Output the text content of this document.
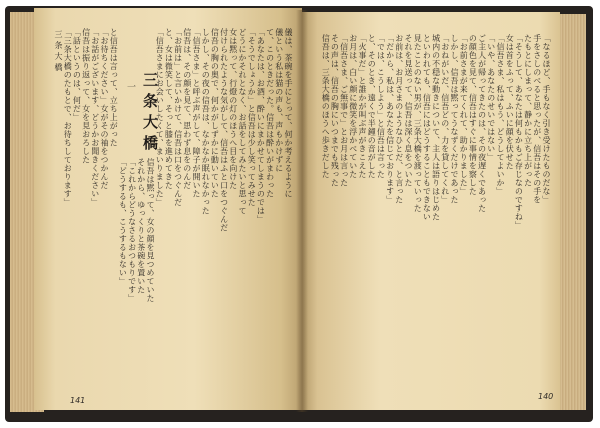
儀は、茶碗を手にとって、何か考えるように
儀という私は猫の声も、声もかけずに
て、このときだった。信吾は酔いがまわった
「あなたは、お酒、酔いにまかせてしまうのでは」
「そうでしょうか」と信吾は少し笑ってみせた
どうにかそれとなく、お話をしてみたいと思って
女は黙って、行燈の灯のほうへ目を向けた
付けられたような気がして、信吾はふと口をつぐんだ
信吾の胸の奥で、何かがしずかに動いていた
しかし、その夜の信吾は、なかなか眠れなかった
「信吾さま」と呼ぶ声がして、障子が開いた
信吾は、その顔を見て、思わず息をのんだ
「お前は」と言いかけて、信吾は口をつぐんだ
と、女は微笑して、そっと膝を進めてきた
「信吾さまにお会いしたくて、まいりました」
信吾は黙って、女の顔を見つめていた
それから、ゆっくりと茶碗を置いた
「これからどうなさるおつもりです」
「どうするも、こうするもない」
と信吾は言って、立ち上がった
「お待ちください」女がその袖をつかんだ
「お話がございます、どうかお聞きください」
信吾は振り返って、女を見おろした
「話というのは、何だ」
「三条大橋のたもとで、お待ちしております」	「なるほど、手もなく引き受けたものだな」
手をさしのべると思ったが、信吾はその手を
たもとにしまって、静かに立ち上がった
「そうして、あなたは何もかもご存じなのですね」
女は首をふって、ふいに顔を伏せた
「信吾さま、私はもう、どうしてよいか」
「いや、あなたのせいではない」
ご主人が帰ってきたのは、その夜遅くであった
の顔色を見て、信吾はすぐに事情を察した
「お前さまが来てくれて、助かりました」
しかし、信吾は黙ってうなずくだけであった
「おねがいだ、信吾どの、力を貸してくれ」
城内の不穏な動きについて、主人は語りはじめた
といわれても、信吾にはどうすることもできない
見たことのない男が、三条大橋を渡っていった
それを見送って、信吾は深く息をついた
お前は、お月さまのようなひとだ、と言った
「だから、私は、あなたを信じております」
「では、こうしよう」と信吾は言った
と、そのとき、遠くで半鐘の音がした
「火事だ」と誰かが叫ぶ声がきこえた
お月は、白い顔に微笑を浮かべていた
「信吾さま、ご無事で」とお月は言った
その声は、信吾の胸にいつまでも残った
信吾は、三条大橋のほうへ歩きだした
三条大橋
三条大橋
一
141	140
